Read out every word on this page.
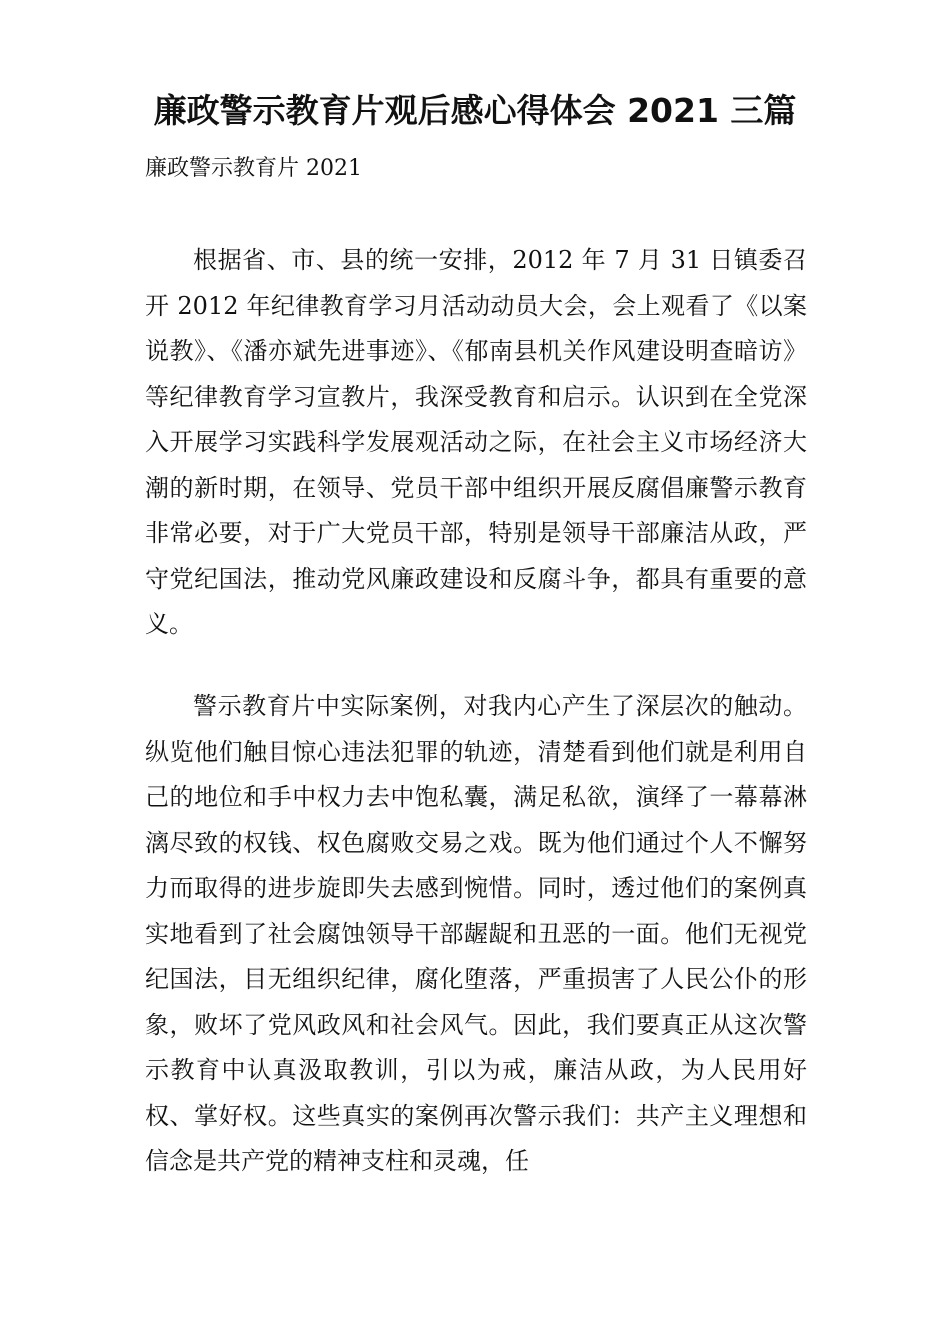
廉政警示教育片观后感心得体会 2021 三篇
廉政警示教育片 2021

根据省、市、县的统一安排，2012 年 7 月 31 日镇委召开 2012 年纪律教育学习月活动动员大会，会上观看了《以案说教》、《潘亦斌先进事迹》、《郁南县机关作风建设明查暗访》等纪律教育学习宣教片，我深受教育和启示。认识到在全党深入开展学习实践科学发展观活动之际，在社会主义市场经济大潮的新时期，在领导、党员干部中组织开展反腐倡廉警示教育非常必要，对于广大党员干部，特别是领导干部廉洁从政，严守党纪国法，推动党风廉政建设和反腐斗争，都具有重要的意义。

警示教育片中实际案例，对我内心产生了深层次的触动。纵览他们触目惊心违法犯罪的轨迹，清楚看到他们就是利用自己的地位和手中权力去中饱私囊，满足私欲，演绎了一幕幕淋漓尽致的权钱、权色腐败交易之戏。既为他们通过个人不懈努力而取得的进步旋即失去感到惋惜。同时，透过他们的案例真实地看到了社会腐蚀领导干部龌龊和丑恶的一面。他们无视党纪国法，目无组织纪律，腐化堕落，严重损害了人民公仆的形象，败坏了党风政风和社会风气。因此，我们要真正从这次警示教育中认真汲取教训，引以为戒，廉洁从政，为人民用好权、掌好权。这些真实的案例再次警示我们：共产主义理想和信念是共产党的精神支柱和灵魂，任
